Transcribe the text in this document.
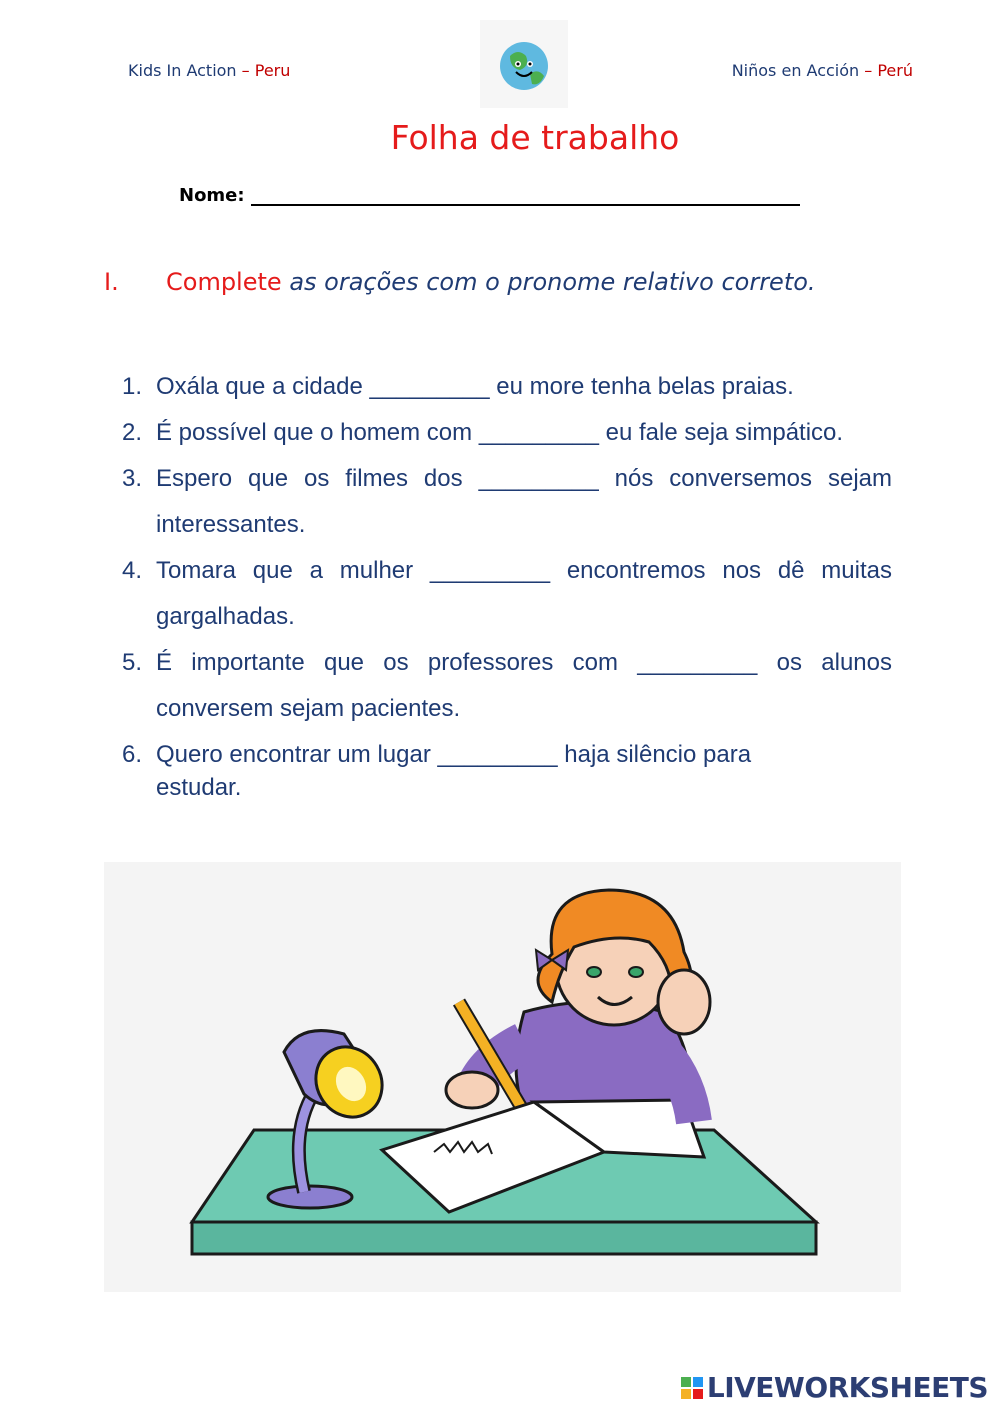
Kids In Action – Peru	Niños en Acción – Perú
Folha de trabalho
Nome:
I. Complete as orações com o pronome relativo correto.
1. Oxála que a cidade _________ eu more tenha belas praias.
2. É possível que o homem com _________ eu fale seja simpático.
3. Espero que os filmes dos _________ nós conversemos sejam interessantes.
4. Tomara que a mulher _________ encontremos nos dê muitas gargalhadas.
5. É importante que os professores com _________ os alunos conversem sejam pacientes.
6. Quero encontrar um lugar _________ haja silêncio para estudar.
LIVEWORKSHEETS
